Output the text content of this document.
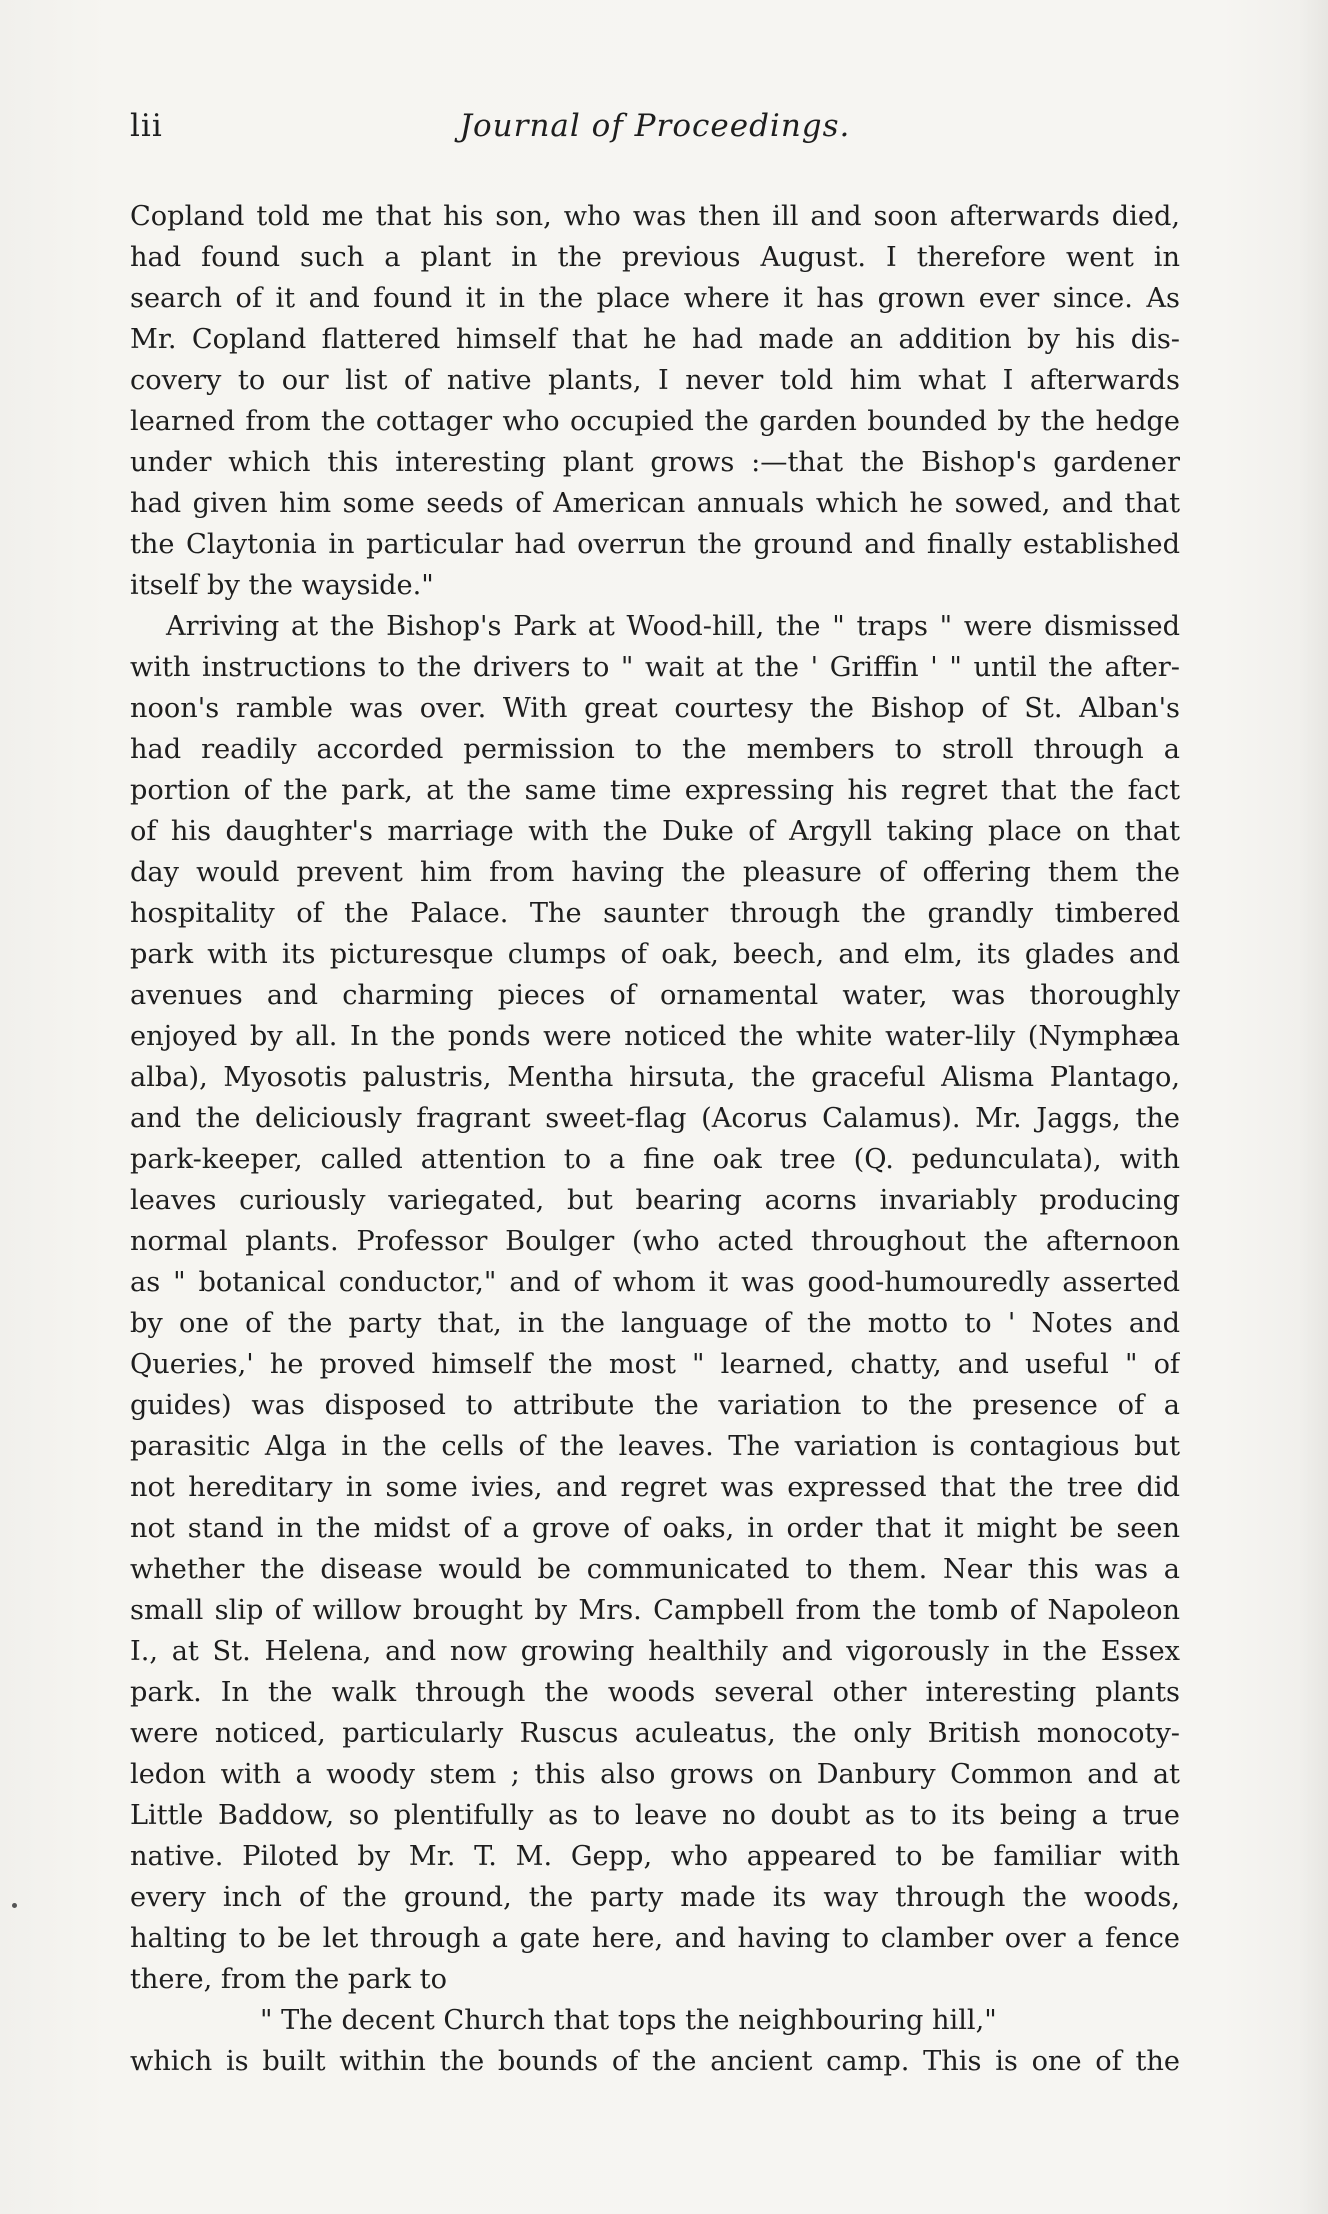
lii	Journal of Proceedings.
Copland told me that his son, who was then ill and soon afterwards died,
had found such a plant in the previous August. I therefore went in
search of it and found it in the place where it has grown ever since. As
Mr. Copland flattered himself that he had made an addition by his dis-
covery to our list of native plants, I never told him what I afterwards
learned from the cottager who occupied the garden bounded by the hedge
under which this interesting plant grows :—that the Bishop's gardener
had given him some seeds of American annuals which he sowed, and that
the Claytonia in particular had overrun the ground and finally established
itself by the wayside."
Arriving at the Bishop's Park at Wood-hill, the " traps " were dismissed
with instructions to the drivers to " wait at the ' Griffin ' " until the after-
noon's ramble was over. With great courtesy the Bishop of St. Alban's
had readily accorded permission to the members to stroll through a
portion of the park, at the same time expressing his regret that the fact
of his daughter's marriage with the Duke of Argyll taking place on that
day would prevent him from having the pleasure of offering them the
hospitality of the Palace. The saunter through the grandly timbered
park with its picturesque clumps of oak, beech, and elm, its glades and
avenues and charming pieces of ornamental water, was thoroughly
enjoyed by all. In the ponds were noticed the white water-lily (Nymphæa
alba), Myosotis palustris, Mentha hirsuta, the graceful Alisma Plantago,
and the deliciously fragrant sweet-flag (Acorus Calamus). Mr. Jaggs, the
park-keeper, called attention to a fine oak tree (Q. pedunculata), with
leaves curiously variegated, but bearing acorns invariably producing
normal plants. Professor Boulger (who acted throughout the afternoon
as " botanical conductor," and of whom it was good-humouredly asserted
by one of the party that, in the language of the motto to ' Notes and
Queries,' he proved himself the most " learned, chatty, and useful " of
guides) was disposed to attribute the variation to the presence of a
parasitic Alga in the cells of the leaves. The variation is contagious but
not hereditary in some ivies, and regret was expressed that the tree did
not stand in the midst of a grove of oaks, in order that it might be seen
whether the disease would be communicated to them. Near this was a
small slip of willow brought by Mrs. Campbell from the tomb of Napoleon
I., at St. Helena, and now growing healthily and vigorously in the Essex
park. In the walk through the woods several other interesting plants
were noticed, particularly Ruscus aculeatus, the only British monocoty-
ledon with a woody stem ; this also grows on Danbury Common and at
Little Baddow, so plentifully as to leave no doubt as to its being a true
native. Piloted by Mr. T. M. Gepp, who appeared to be familiar with
every inch of the ground, the party made its way through the woods,
halting to be let through a gate here, and having to clamber over a fence
there, from the park to
" The decent Church that tops the neighbouring hill,"
which is built within the bounds of the ancient camp. This is one of the
